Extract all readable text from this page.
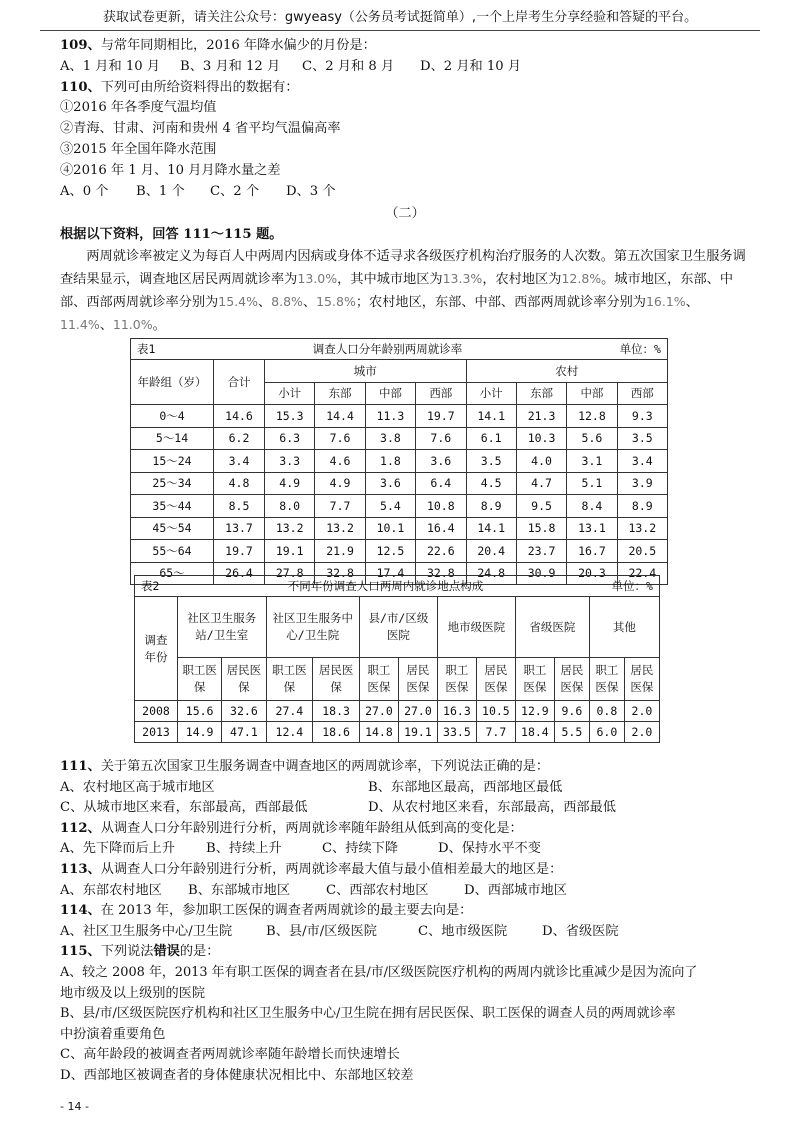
获取试卷更新，请关注公众号：gwyeasy（公务员考试挺简单）,一个上岸考生分享经验和答疑的平台。
109、与常年同期相比，2016 年降水偏少的月份是：
A、1 月和 10 月 B、3 月和 12 月 C、2 月和 8 月 D、2 月和 10 月
110、下列可由所给资料得出的数据有：
①2016 年各季度气温均值
②青海、甘肃、河南和贵州 4 省平均气温偏高率
③2015 年全国年降水范围
④2016 年 1 月、10 月月降水量之差
A、0 个 B、1 个 C、2 个 D、3 个
（二）
根据以下资料，回答 111～115 题。
两周就诊率被定义为每百人中两周内因病或身体不适寻求各级医疗机构治疗服务的人次数。第五次国家卫生服务调查结果显示，调查地区居民两周就诊率为13.0%，其中城市地区为13.3%，农村地区为12.8%。城市地区，东部、中部、西部两周就诊率分别为15.4%、8.8%、15.8%；农村地区，东部、中部、西部两周就诊率分别为16.1%、11.4%、11.0%。
表1 调查人口分年龄别两周就诊率 单位：%									

年龄组（岁）	合计	城市				农村			
		小计	东部	中部	西部	小计	东部	中部	西部
0～4	14.6	15.3	14.4	11.3	19.7	14.1	21.3	12.8	9.3
5～14	6.2	6.3	7.6	3.8	7.6	6.1	10.3	5.6	3.5
15～24	3.4	3.3	4.6	1.8	3.6	3.5	4.0	3.1	3.4
25～34	4.8	4.9	4.9	3.6	6.4	4.5	4.7	5.1	3.9
35～44	8.5	8.0	7.7	5.4	10.8	8.9	9.5	8.4	8.9
45～54	13.7	13.2	13.2	10.1	16.4	14.1	15.8	13.1	13.2
55～64	19.7	19.1	21.9	12.5	22.6	20.4	23.7	16.7	20.5
65～	26.4	27.8	32.8	17.4	32.8	24.8	30.9	20.3	22.4
表2 不同年份调查人口两周内就诊地点构成 单位：%												

调查年份	社区卫生服务站/卫生室		社区卫生服务中心/卫生院		县/市/区级医院		地市级医院		省级医院		其他	
	职工医保	居民医保	职工医保	居民医保	职工医保	居民医保	职工医保	居民医保	职工医保	居民医保	职工医保	居民医保
2008	15.6	32.6	27.4	18.3	27.0	27.0	16.3	10.5	12.9	9.6	0.8	2.0
2013	14.9	47.1	12.4	18.6	14.8	19.1	33.5	7.7	18.4	5.5	6.0	2.0
111、关于第五次国家卫生服务调查中调查地区的两周就诊率，下列说法正确的是：
A、农村地区高于城市地区	B、东部地区最高，西部地区最低
C、从城市地区来看，东部最高，西部最低	D、从农村地区来看，东部最高，西部最低
112、从调查人口分年龄别进行分析，两周就诊率随年龄组从低到高的变化是：
A、先下降而后上升 B、持续上升	C、持续下降	D、保持水平不变
113、从调查人口分年龄别进行分析，两周就诊率最大值与最小值相差最大的地区是：
A、东部农村地区 B、东部城市地区	C、西部农村地区	D、西部城市地区
114、在 2013 年，参加职工医保的调查者两周就诊的最主要去向是：
A、社区卫生服务中心/卫生院	B、县/市/区级医院	C、地市级医院	D、省级医院
115、下列说法错误的是：
A、较之 2008 年，2013 年有职工医保的调查者在县/市/区级医院医疗机构的两周内就诊比重减少是因为流向了
地市级及以上级别的医院
B、县/市/区级医院医疗机构和社区卫生服务中心/卫生院在拥有居民医保、职工医保的调查人员的两周就诊率
中扮演着重要角色
C、高年龄段的被调查者两周就诊率随年龄增长而快速增长
D、西部地区被调查者的身体健康状况相比中、东部地区较差
- 14 -
